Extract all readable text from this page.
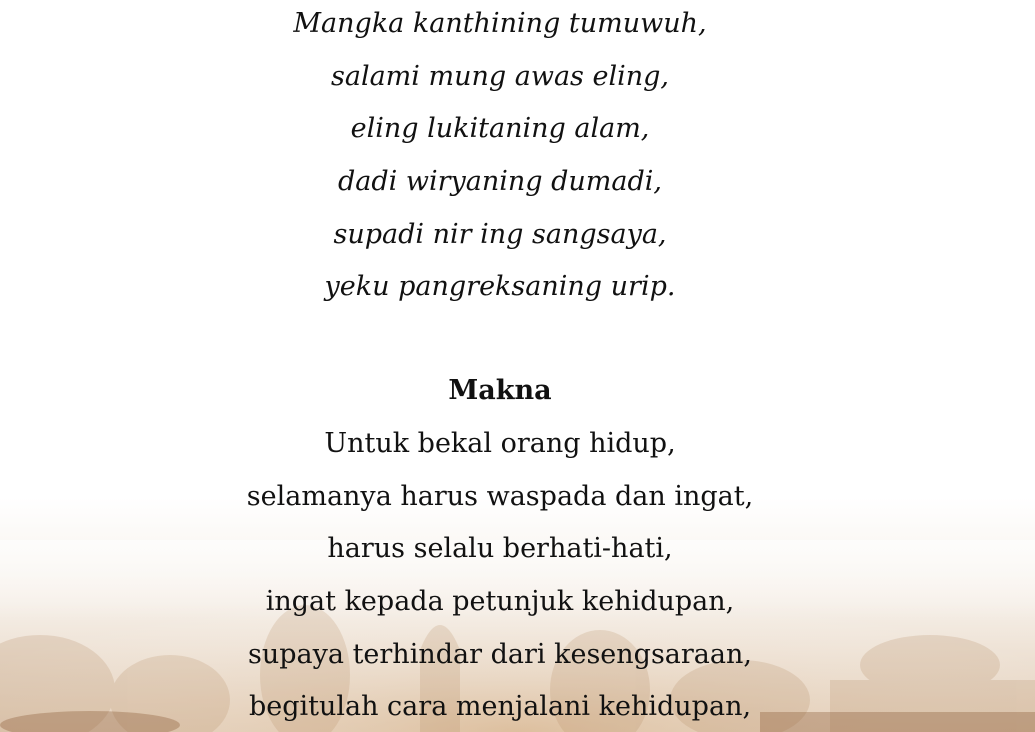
Mangka kanthining tumuwuh,
salami mung awas eling,
eling lukitaning alam,
dadi wiryaning dumadi,
supadi nir ing sangsaya,
yeku pangreksaning urip.
Makna
Untuk bekal orang hidup,
selamanya harus waspada dan ingat,
harus selalu berhati-hati,
ingat kepada petunjuk kehidupan,
supaya terhindar dari kesengsaraan,
begitulah cara menjalani kehidupan,
